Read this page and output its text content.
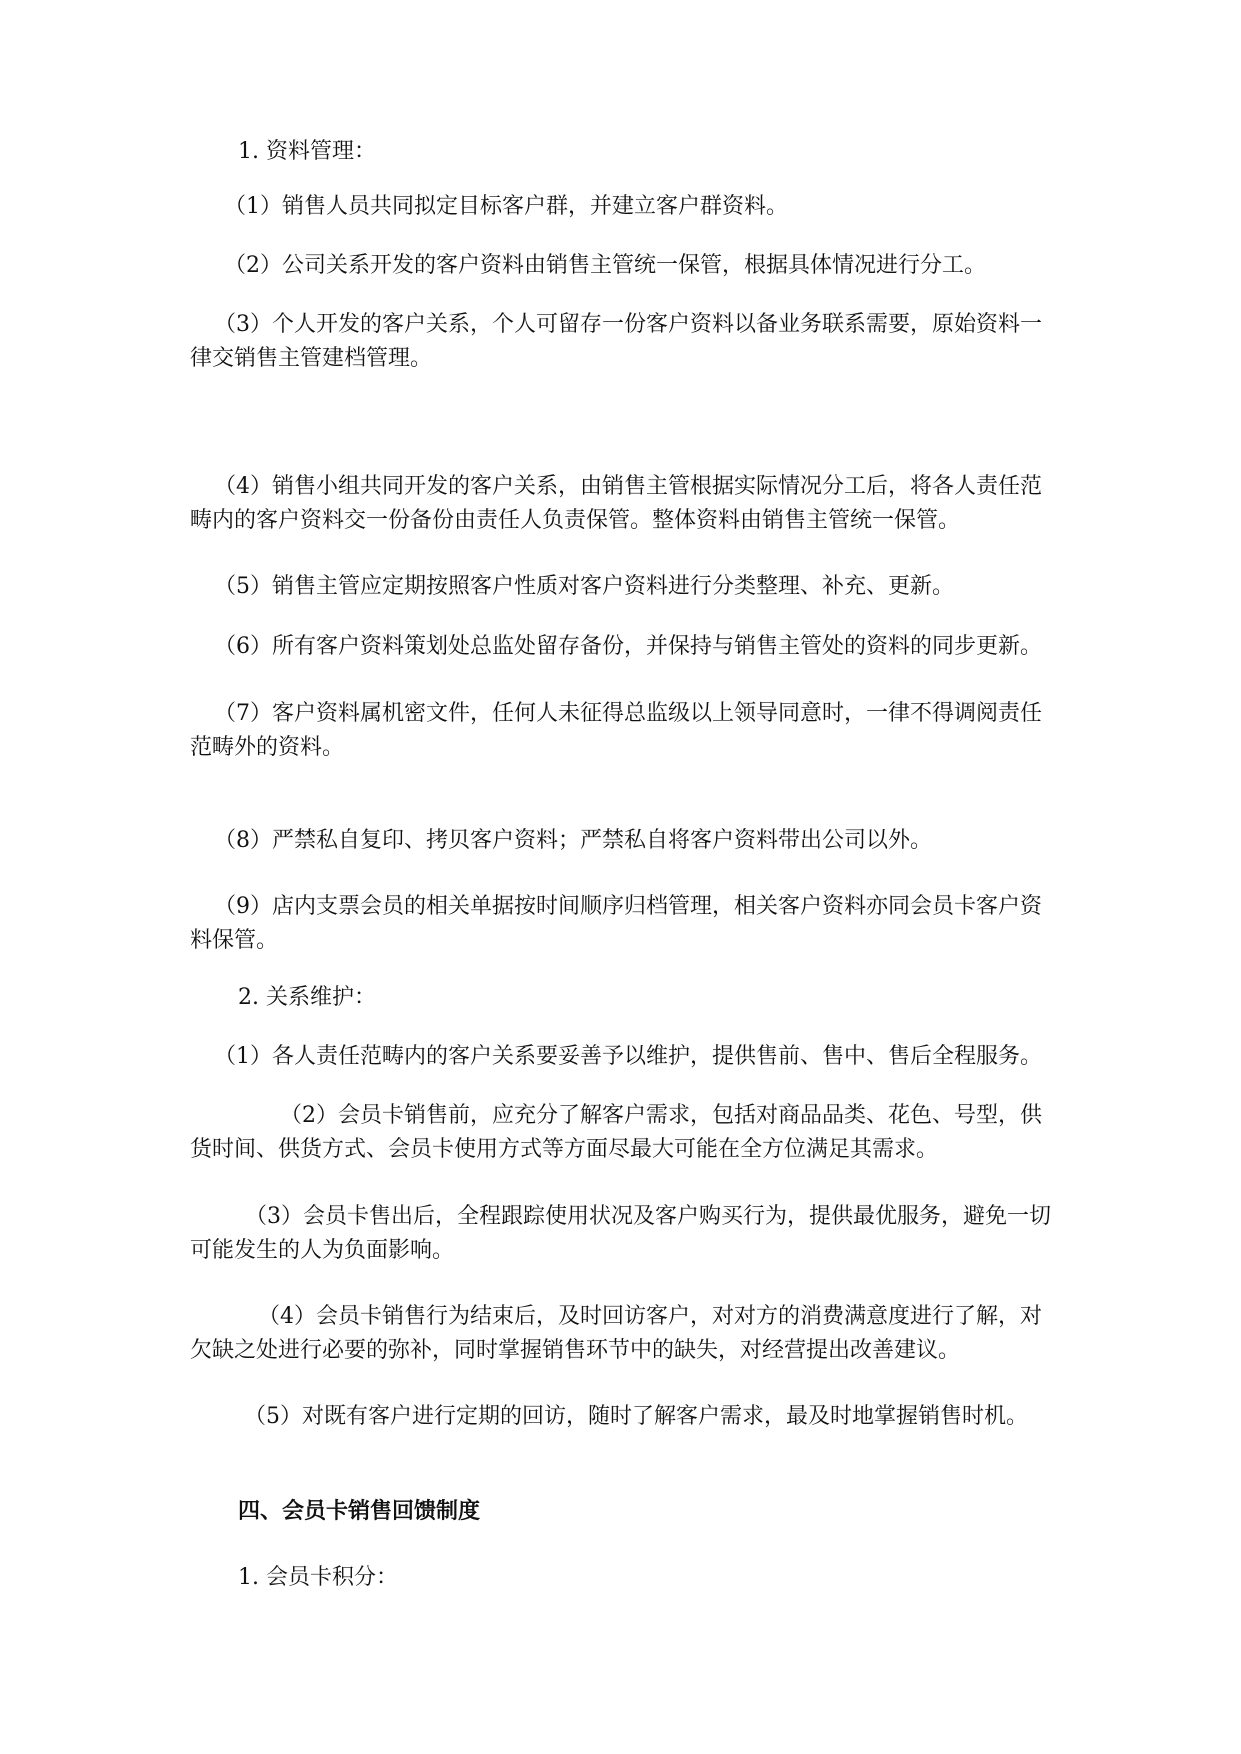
1. 资料管理：

（1）销售人员共同拟定目标客户群，并建立客户群资料。

（2）公司关系开发的客户资料由销售主管统一保管，根据具体情况进行分工。

（3）个人开发的客户关系，个人可留存一份客户资料以备业务联系需要，原始资料一律交销售主管建档管理。

（4）销售小组共同开发的客户关系，由销售主管根据实际情况分工后，将各人责任范畴内的客户资料交一份备份由责任人负责保管。整体资料由销售主管统一保管。

（5）销售主管应定期按照客户性质对客户资料进行分类整理、补充、更新。

（6）所有客户资料策划处总监处留存备份，并保持与销售主管处的资料的同步更新。

（7）客户资料属机密文件，任何人未征得总监级以上领导同意时，一律不得调阅责任范畴外的资料。

（8）严禁私自复印、拷贝客户资料；严禁私自将客户资料带出公司以外。

（9）店内支票会员的相关单据按时间顺序归档管理，相关客户资料亦同会员卡客户资料保管。

2. 关系维护：

（1）各人责任范畴内的客户关系要妥善予以维护，提供售前、售中、售后全程服务。

（2）会员卡销售前，应充分了解客户需求，包括对商品品类、花色、号型，供货时间、供货方式、会员卡使用方式等方面尽最大可能在全方位满足其需求。

（3）会员卡售出后，全程跟踪使用状况及客户购买行为，提供最优服务，避免一切可能发生的人为负面影响。

（4）会员卡销售行为结束后，及时回访客户，对对方的消费满意度进行了解，对欠缺之处进行必要的弥补，同时掌握销售环节中的缺失，对经营提出改善建议。

（5）对既有客户进行定期的回访，随时了解客户需求，最及时地掌握销售时机。

四、会员卡销售回馈制度

1. 会员卡积分：
